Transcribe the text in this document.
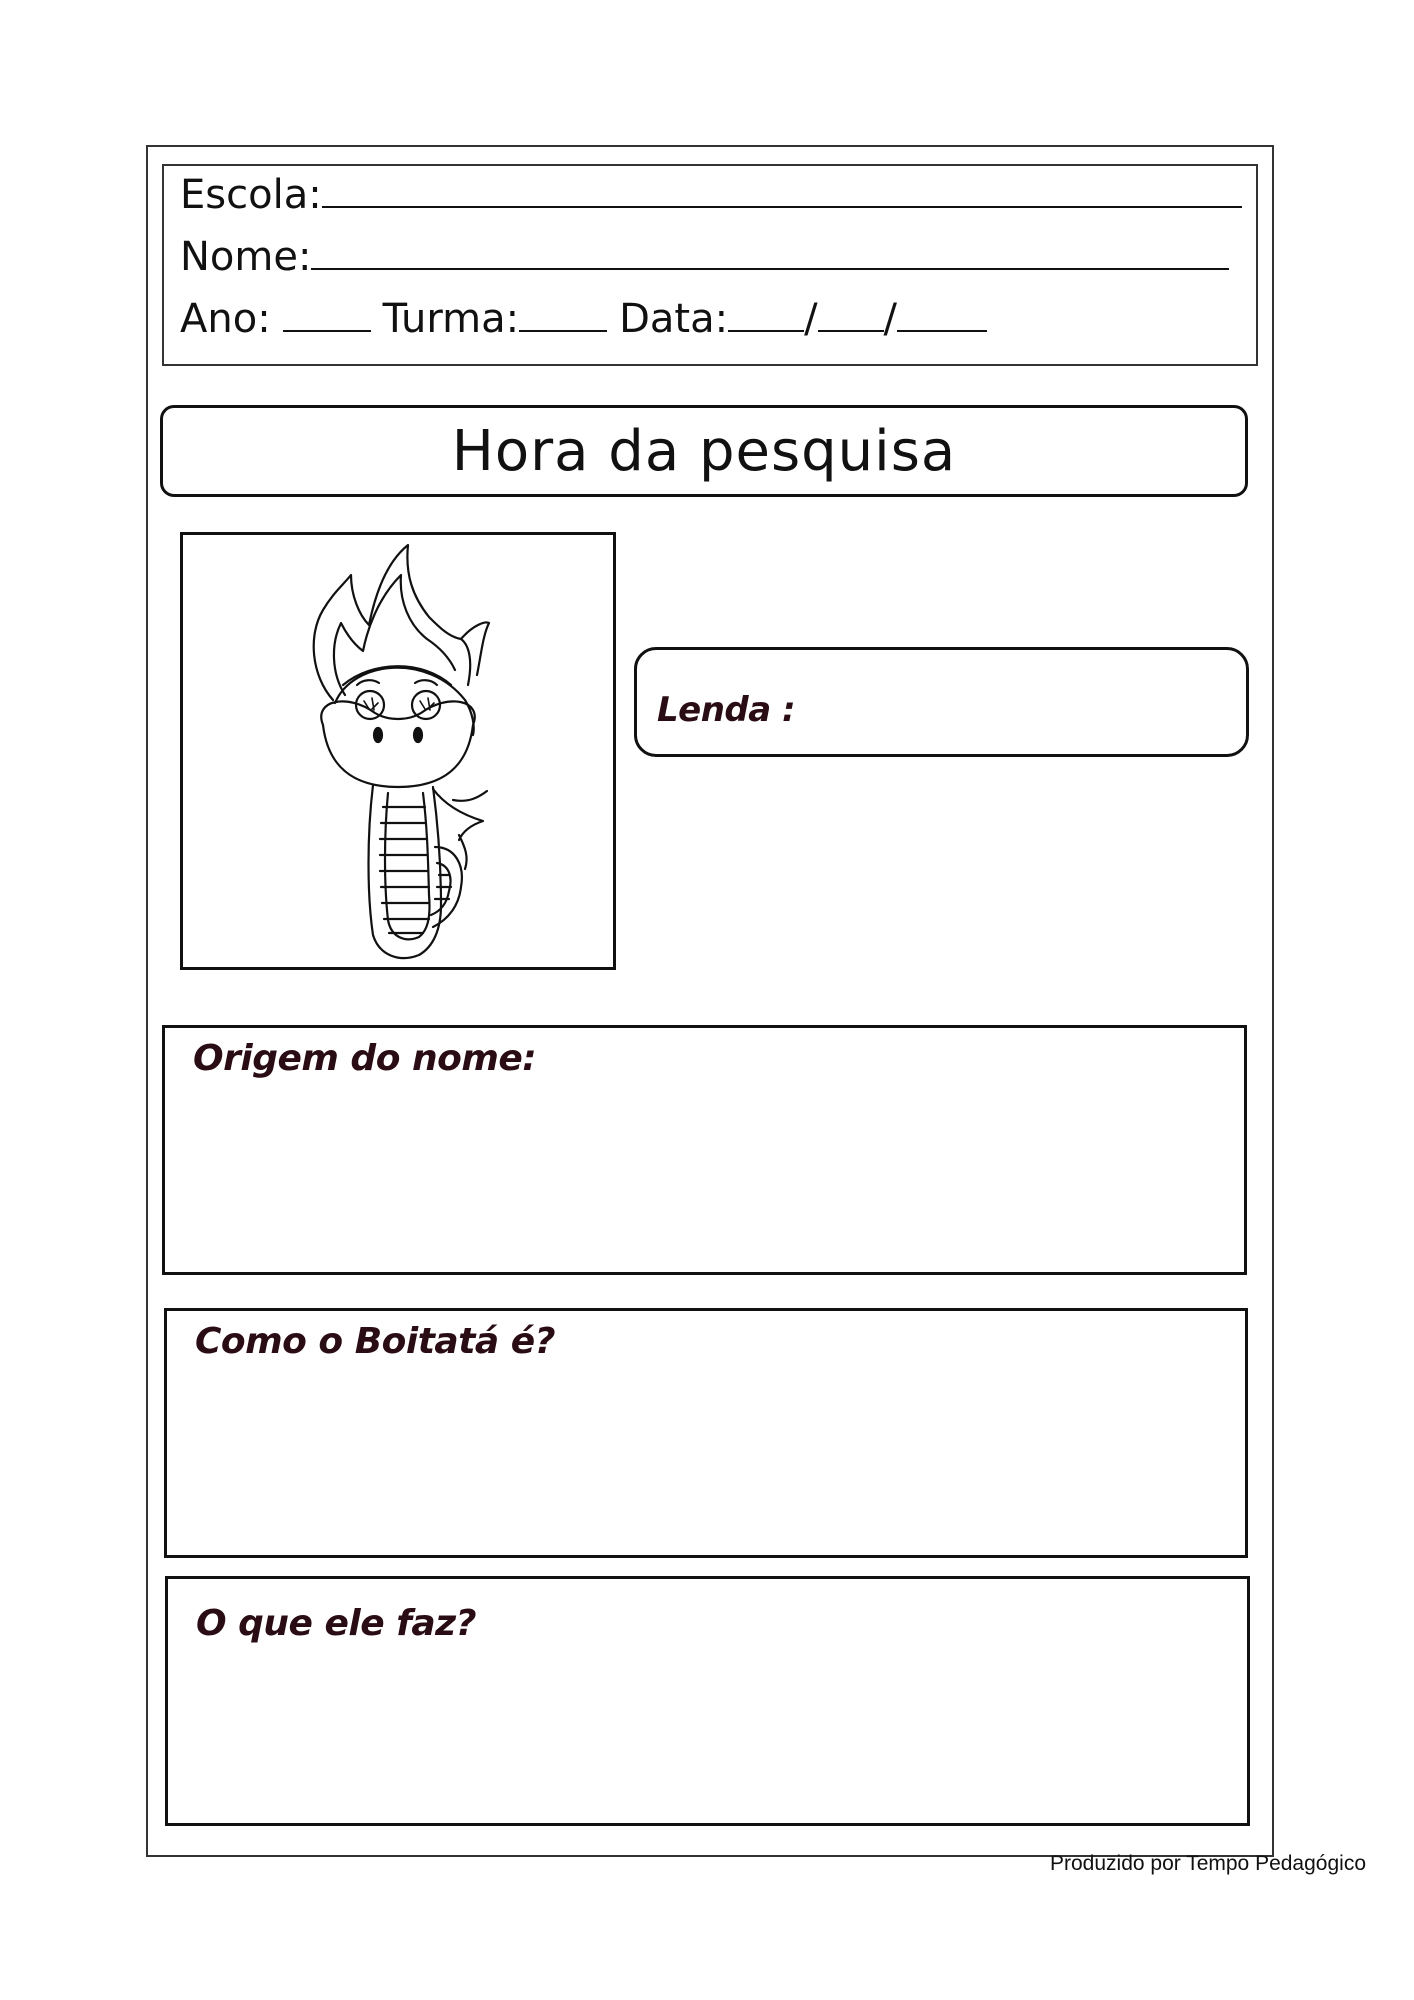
Escola:
Nome:
Ano:	Turma:	Data: / /
Hora da pesquisa
Lenda :
Origem do nome:
Como o Boitatá é?
O que ele faz?
Produzido por Tempo Pedagógico
